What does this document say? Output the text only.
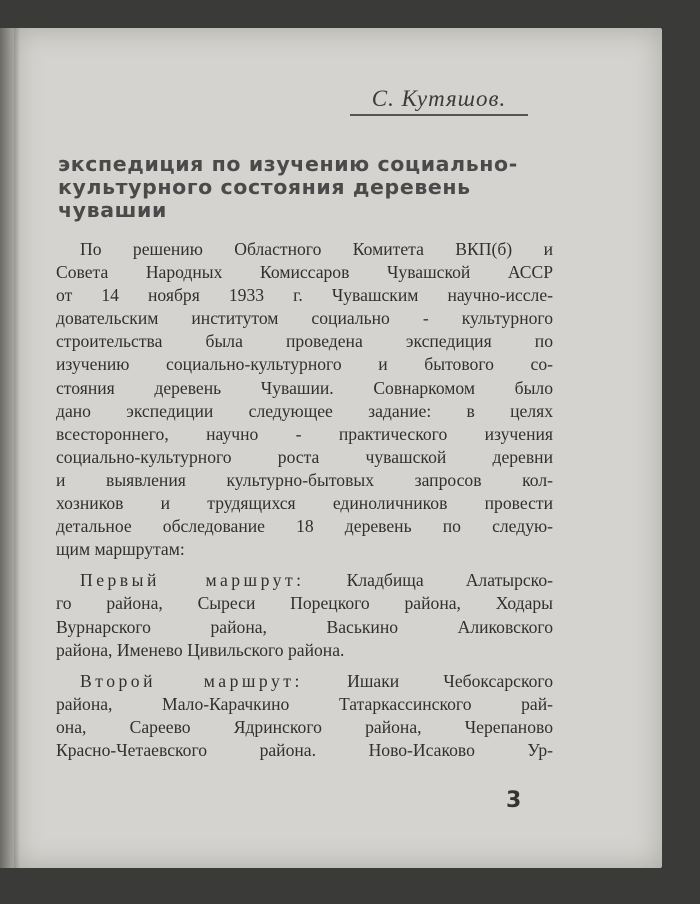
С. Кутяшов.
экспедиция по изучению социально-
культурного состояния деревень
чувашии
По решению Областного Комитета ВКП(б) и
Совета Народных Комиссаров Чувашской АССР
от 14 ноября 1933 г. Чувашским научно-иссле-
довательским институтом социально - культурного
строительства была проведена экспедиция по
изучению социально-культурного и бытового со-
стояния деревень Чувашии. Совнаркомом было
дано экспедиции следующее задание: в целях
всестороннего, научно - практического изучения
социально-культурного роста чувашской деревни
и выявления культурно-бытовых запросов кол-
хозников и трудящихся единоличников провести
детальное обследование 18 деревень по следую-
щим маршрутам:
Первый маршрут: Кладбища Алатырско-
го района, Сыреси Порецкого района, Ходары
Вурнарского района, Васькино Аликовского
района, Именево Цивильского района.
Второй маршрут:	Ишаки Чебоксарского
района, Мало-Карачкино Татаркассинского рай-
она, Сареево Ядринского района, Черепаново
Красно-Четаевского района. Ново-Исаково Ур-
3
